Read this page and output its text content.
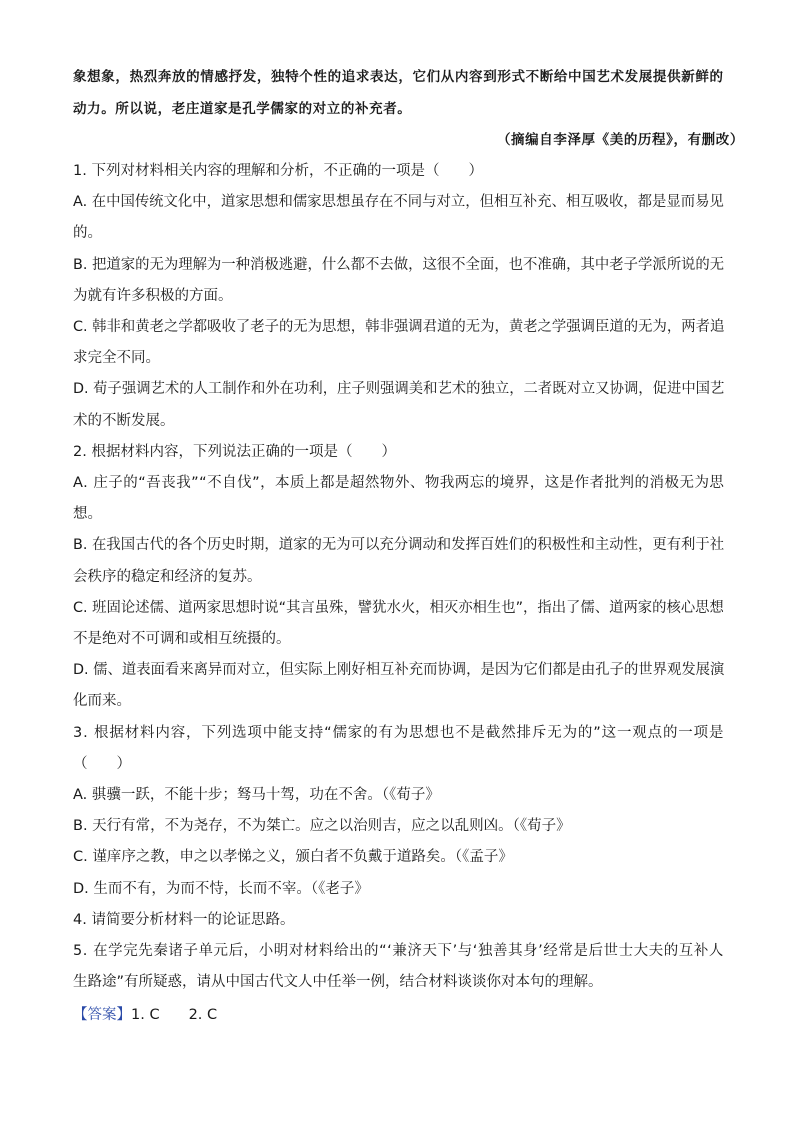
象想象，热烈奔放的情感抒发，独特个性的追求表达，它们从内容到形式不断给中国艺术发展提供新鲜的
动力。所以说，老庄道家是孔学儒家的对立的补充者。
（摘编自李泽厚《美的历程》，有删改）
1. 下列对材料相关内容的理解和分析，不正确的一项是（　　）
A. 在中国传统文化中，道家思想和儒家思想虽存在不同与对立，但相互补充、相互吸收，都是显而易见
的。
B. 把道家的无为理解为一种消极逃避，什么都不去做，这很不全面，也不准确，其中老子学派所说的无
为就有许多积极的方面。
C. 韩非和黄老之学都吸收了老子的无为思想，韩非强调君道的无为，黄老之学强调臣道的无为，两者追
求完全不同。
D. 荀子强调艺术的人工制作和外在功利，庄子则强调美和艺术的独立，二者既对立又协调，促进中国艺
术的不断发展。
2. 根据材料内容，下列说法正确的一项是（　　）
A. 庄子的“吾丧我”“不自伐”，本质上都是超然物外、物我两忘的境界，这是作者批判的消极无为思
想。
B. 在我国古代的各个历史时期，道家的无为可以充分调动和发挥百姓们的积极性和主动性，更有利于社
会秩序的稳定和经济的复苏。
C. 班固论述儒、道两家思想时说“其言虽殊，譬犹水火，相灭亦相生也”，指出了儒、道两家的核心思想
不是绝对不可调和或相互统摄的。
D. 儒、道表面看来离异而对立，但实际上刚好相互补充而协调，是因为它们都是由孔子的世界观发展演
化而来。
3. 根据材料内容，下列选项中能支持“儒家的有为思想也不是截然排斥无为的”这一观点的一项是
（　　）
A. 骐骥一跃，不能十步；驽马十驾，功在不舍。（《荀子》
B. 天行有常，不为尧存，不为桀亡。应之以治则吉，应之以乱则凶。（《荀子》
C. 谨庠序之教，申之以孝悌之义，颁白者不负戴于道路矣。（《孟子》
D. 生而不有，为而不恃，长而不宰。（《老子》
4. 请简要分析材料一的论证思路。
5. 在学完先秦诸子单元后，小明对材料给出的“‘兼济天下’与‘独善其身’经常是后世士大夫的互补人
生路途”有所疑惑，请从中国古代文人中任举一例，结合材料谈谈你对本句的理解。
【答案】1. C　　2. C
